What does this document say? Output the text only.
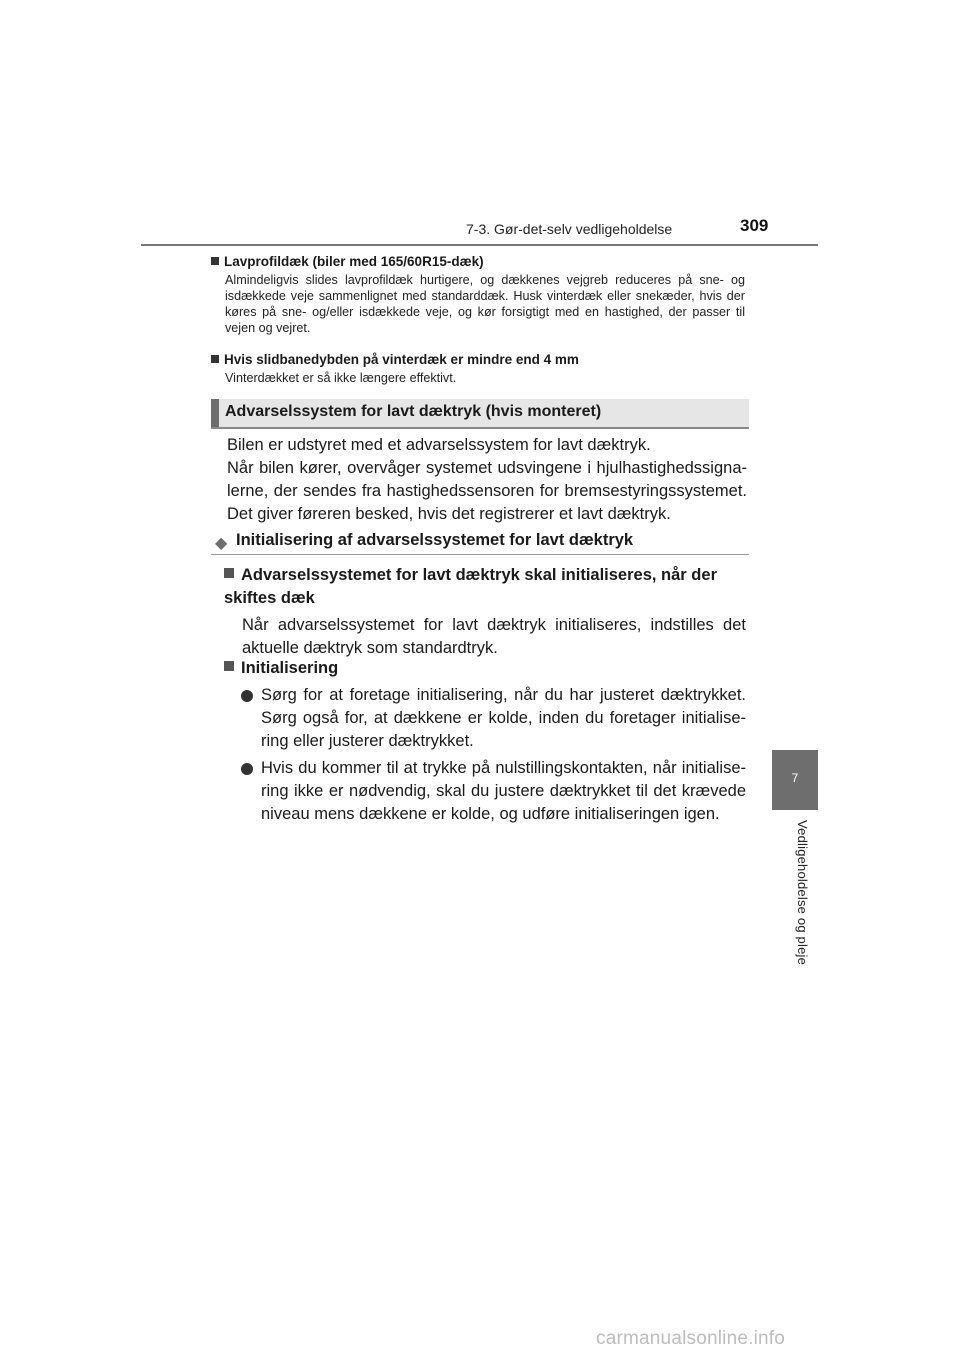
7-3. Gør-det-selv vedligeholdelse	309
7
Vedligeholdelse og pleje
Lavprofildæk (biler med 165/60R15-dæk)
Almindeligvis slides lavprofildæk hurtigere, og dækkenes vejgreb reduceres på sne- og isdækkede veje sammenlignet med standarddæk. Husk vinterdæk eller snekæder, hvis der køres på sne- og/eller isdækkede veje, og kør forsigtigt med en hastighed, der passer til vejen og vejret.
Hvis slidbanedybden på vinterdæk er mindre end 4 mm
Vinterdækket er så ikke længere effektivt.
Advarselssystem for lavt dæktryk (hvis monteret)

Bilen er udstyret med et advarselssystem for lavt dæktryk.

Når bilen kører, overvåger systemet udsvingene i hjulhastighedssignalerne, der sendes fra hastighedssensoren for bremsestyringssystemet. Det giver føreren besked, hvis det registrerer et lavt dæktryk.

◆ Initialisering af advarselssystemet for lavt dæktryk
Advarselssystemet for lavt dæktryk skal initialiseres, når der skiftes dæk
Når advarselssystemet for lavt dæktryk initialiseres, indstilles det aktuelle dæktryk som standardtryk.
Initialisering
Sørg for at foretage initialisering, når du har justeret dæktrykket. Sørg også for, at dækkene er kolde, inden du foretager initialisering eller justerer dæktrykket.
Hvis du kommer til at trykke på nulstillingskontakten, når initialisering ikke er nødvendig, skal du justere dæktrykket til det krævede niveau mens dækkene er kolde, og udføre initialiseringen igen.
carmanualsonline.info
